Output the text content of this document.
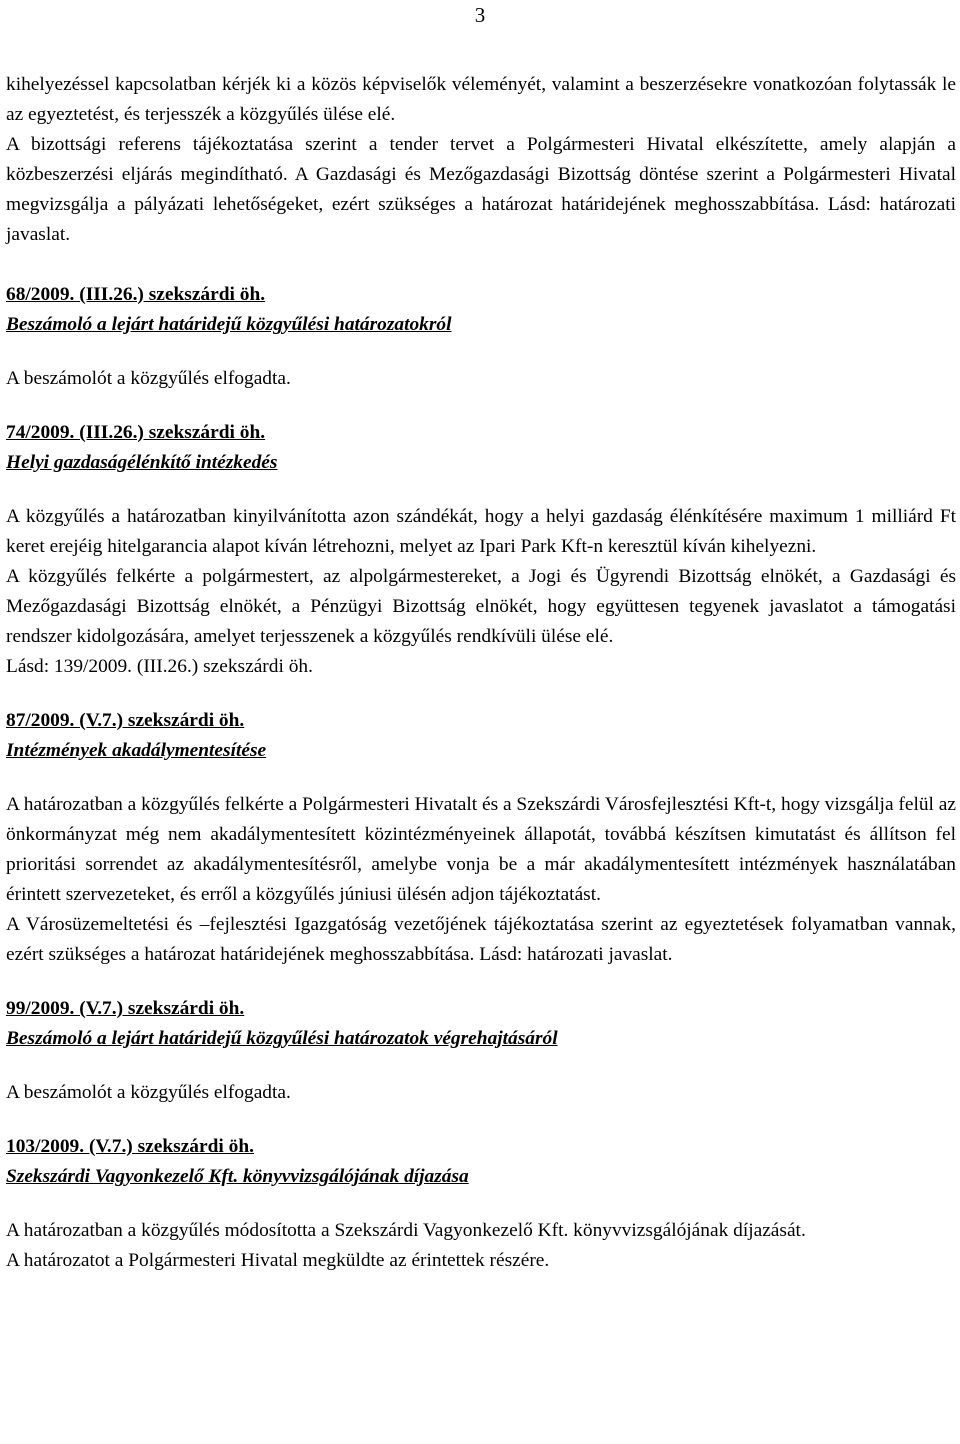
3

kihelyezéssel kapcsolatban kérjék ki a közös képviselők véleményét, valamint a beszerzésekre vonatkozóan folytassák le az egyeztetést, és terjesszék a közgyűlés ülése elé.

A bizottsági referens tájékoztatása szerint a tender tervet a Polgármesteri Hivatal elkészítette, amely alapján a közbeszerzési eljárás megindítható. A Gazdasági és Mezőgazdasági Bizottság döntése szerint a Polgármesteri Hivatal megvizsgálja a pályázati lehetőségeket, ezért szükséges a határozat határidejének meghosszabbítása. Lásd: határozati javaslat.

68/2009. (III.26.) szekszárdi öh.

Beszámoló a lejárt határidejű közgyűlési határozatokról

A beszámolót a közgyűlés elfogadta.

74/2009. (III.26.) szekszárdi öh.

Helyi gazdaságélénkítő intézkedés

A közgyűlés a határozatban kinyilvánította azon szándékát, hogy a helyi gazdaság élénkítésére maximum 1 milliárd Ft keret erejéig hitelgarancia alapot kíván létrehozni, melyet az Ipari Park Kft-n keresztül kíván kihelyezni.

A közgyűlés felkérte a polgármestert, az alpolgármestereket, a Jogi és Ügyrendi Bizottság elnökét, a Gazdasági és Mezőgazdasági Bizottság elnökét, a Pénzügyi Bizottság elnökét, hogy együttesen tegyenek javaslatot a támogatási rendszer kidolgozására, amelyet terjesszenek a közgyűlés rendkívüli ülése elé.

Lásd: 139/2009. (III.26.) szekszárdi öh.

87/2009. (V.7.) szekszárdi öh.

Intézmények akadálymentesítése

A határozatban a közgyűlés felkérte a Polgármesteri Hivatalt és a Szekszárdi Városfejlesztési Kft-t, hogy vizsgálja felül az önkormányzat még nem akadálymentesített közintézményeinek állapotát, továbbá készítsen kimutatást és állítson fel prioritási sorrendet az akadálymentesítésről, amelybe vonja be a már akadálymentesített intézmények használatában érintett szervezeteket, és erről a közgyűlés júniusi ülésén adjon tájékoztatást.

A Városüzemeltetési és –fejlesztési Igazgatóság vezetőjének tájékoztatása szerint az egyeztetések folyamatban vannak, ezért szükséges a határozat határidejének meghosszabbítása. Lásd: határozati javaslat.

99/2009. (V.7.) szekszárdi öh.

Beszámoló a lejárt határidejű közgyűlési határozatok végrehajtásáról

A beszámolót a közgyűlés elfogadta.

103/2009. (V.7.) szekszárdi öh.

Szekszárdi Vagyonkezelő Kft. könyvvizsgálójának díjazása

A határozatban a közgyűlés módosította a Szekszárdi Vagyonkezelő Kft. könyvvizsgálójának díjazását.

A határozatot a Polgármesteri Hivatal megküldte az érintettek részére.
